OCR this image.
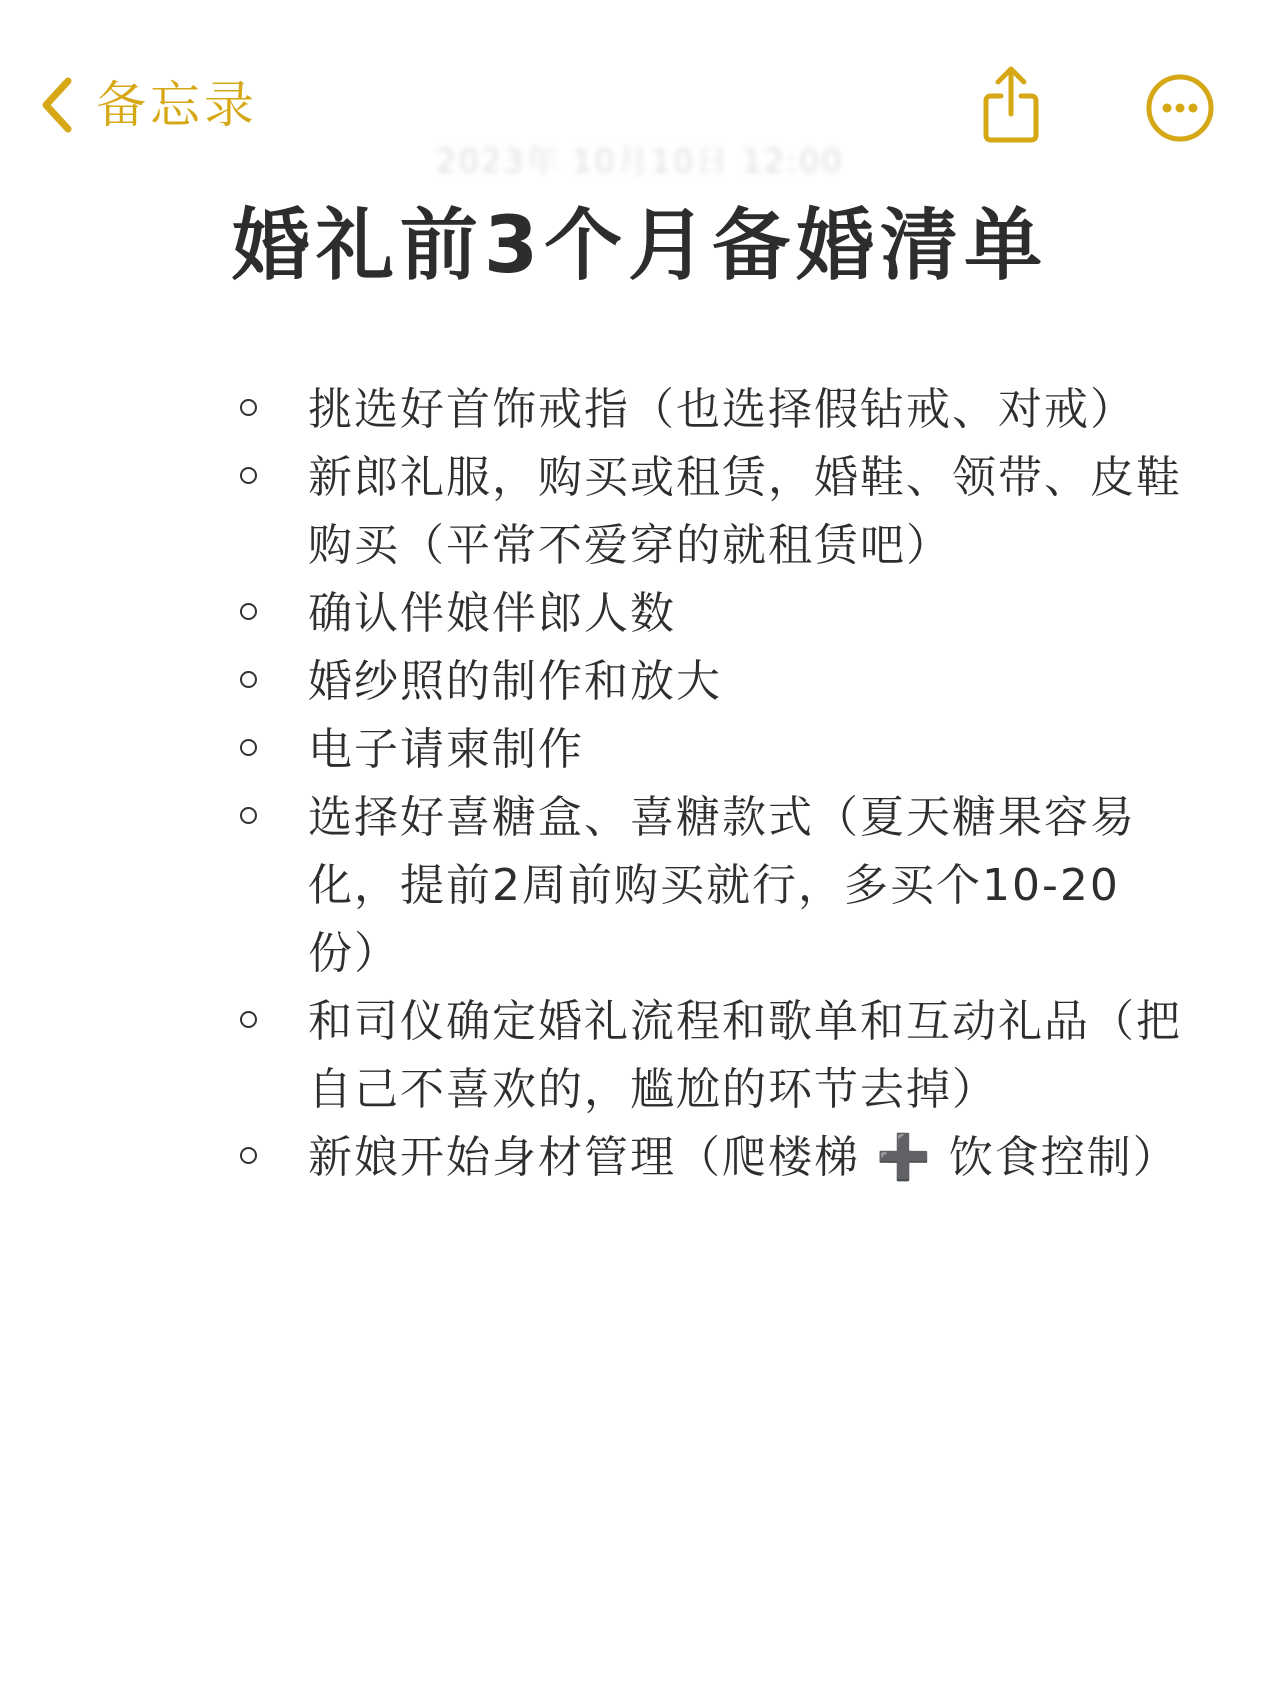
备忘录
2023年 10月10日 12:00
婚礼前3个月备婚清单
挑选好首饰戒指（也选择假钻戒、对戒）
新郎礼服，购买或租赁，婚鞋、领带、皮鞋购买（平常不爱穿的就租赁吧）
确认伴娘伴郎人数
婚纱照的制作和放大
电子请柬制作
选择好喜糖盒、喜糖款式（夏天糖果容易化，提前2周前购买就行，多买个10-20份）
和司仪确定婚礼流程和歌单和互动礼品（把自己不喜欢的，尴尬的环节去掉）
新娘开始身材管理（爬楼梯 ➕ 饮食控制）
